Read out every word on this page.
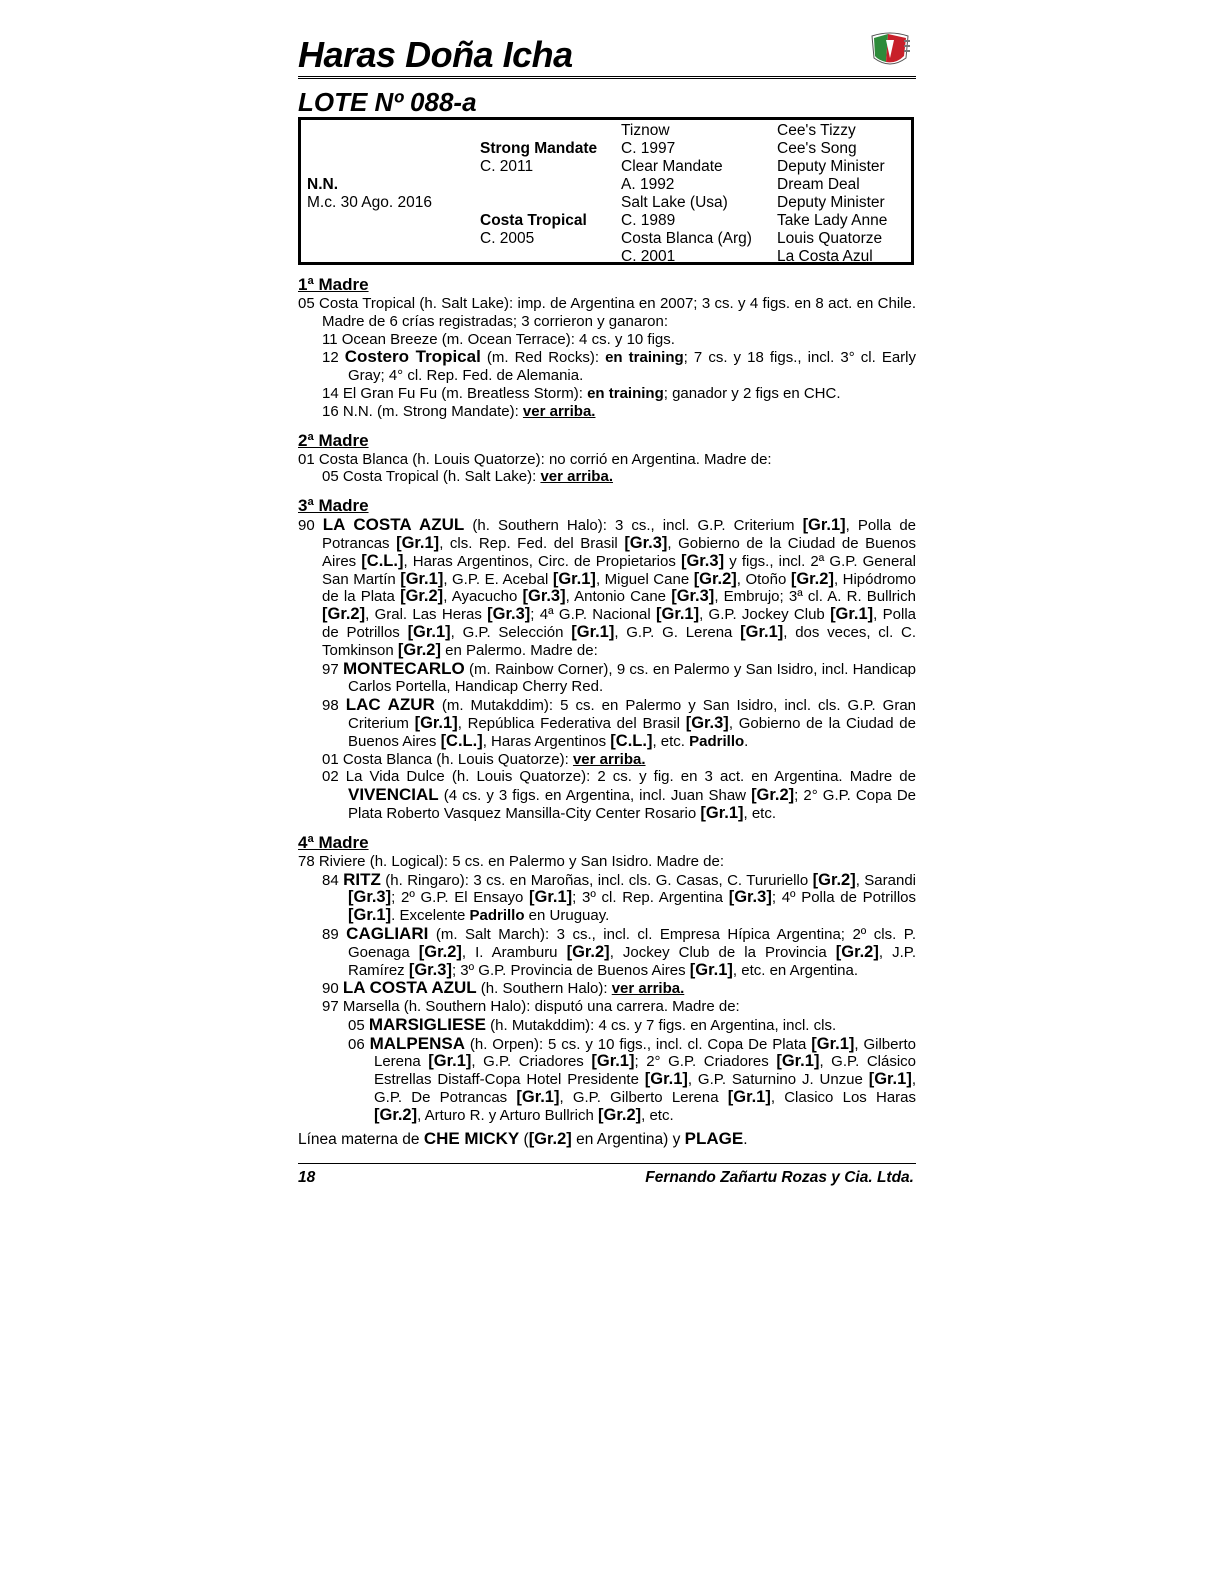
Haras Doña Icha
LOTE Nº 088-a
N.N.
M.c. 30 Ago. 2016
Strong Mandate
C. 2011
Costa Tropical
C. 2005
Tiznow
C. 1997
Clear Mandate
A. 1992
Salt Lake (Usa)
C. 1989
Costa Blanca (Arg)
C. 2001
Cee's Tizzy
Cee's Song
Deputy Minister
Dream Deal
Deputy Minister
Take Lady Anne
Louis Quatorze
La Costa Azul
1ª Madre

05 Costa Tropical (h. Salt Lake): imp. de Argentina en 2007; 3 cs. y 4 figs. en 8 act. en Chile. Madre de 6 crías registradas; 3 corrieron y ganaron:

11 Ocean Breeze (m. Ocean Terrace): 4 cs. y 10 figs.

12 Costero Tropical (m. Red Rocks): en training; 7 cs. y 18 figs., incl. 3° cl. Early Gray; 4° cl. Rep. Fed. de Alemania.

14 El Gran Fu Fu (m. Breatless Storm): en training; ganador y 2 figs en CHC.

16 N.N. (m. Strong Mandate): ver arriba.

2ª Madre

01 Costa Blanca (h. Louis Quatorze): no corrió en Argentina. Madre de:

05 Costa Tropical (h. Salt Lake): ver arriba.

3ª Madre

90 LA COSTA AZUL (h. Southern Halo): 3 cs., incl. G.P. Criterium [Gr.1], Polla de Potrancas [Gr.1], cls. Rep. Fed. del Brasil [Gr.3], Gobierno de la Ciudad de Buenos Aires [C.L.], Haras Argentinos, Circ. de Propietarios [Gr.3] y figs., incl. 2ª G.P. General San Martín [Gr.1], G.P. E. Acebal [Gr.1], Miguel Cane [Gr.2], Otoño [Gr.2], Hipódromo de la Plata [Gr.2], Ayacucho [Gr.3], Antonio Cane [Gr.3], Embrujo; 3ª cl. A. R. Bullrich [Gr.2], Gral. Las Heras [Gr.3]; 4ª G.P. Nacional [Gr.1], G.P. Jockey Club [Gr.1], Polla de Potrillos [Gr.1], G.P. Selección [Gr.1], G.P. G. Lerena [Gr.1], dos veces, cl. C. Tomkinson [Gr.2] en Palermo. Madre de:

97 MONTECARLO (m. Rainbow Corner), 9 cs. en Palermo y San Isidro, incl. Handicap Carlos Portella, Handicap Cherry Red.

98 LAC AZUR (m. Mutakddim): 5 cs. en Palermo y San Isidro, incl. cls. G.P. Gran Criterium [Gr.1], República Federativa del Brasil [Gr.3], Gobierno de la Ciudad de Buenos Aires [C.L.], Haras Argentinos [C.L.], etc. Padrillo.

01 Costa Blanca (h. Louis Quatorze): ver arriba.

02 La Vida Dulce (h. Louis Quatorze): 2 cs. y fig. en 3 act. en Argentina. Madre de VIVENCIAL (4 cs. y 3 figs. en Argentina, incl. Juan Shaw [Gr.2]; 2° G.P. Copa De Plata Roberto Vasquez Mansilla-City Center Rosario [Gr.1], etc.

4ª Madre

78 Riviere (h. Logical): 5 cs. en Palermo y San Isidro. Madre de:

84 RITZ (h. Ringaro): 3 cs. en Maroñas, incl. cls. G. Casas, C. Tururiello [Gr.2], Sarandi [Gr.3]; 2º G.P. El Ensayo [Gr.1]; 3º cl. Rep. Argentina [Gr.3]; 4º Polla de Potrillos [Gr.1]. Excelente Padrillo en Uruguay.

89 CAGLIARI (m. Salt March): 3 cs., incl. cl. Empresa Hípica Argentina; 2º cls. P. Goenaga [Gr.2], I. Aramburu [Gr.2], Jockey Club de la Provincia [Gr.2], J.P. Ramírez [Gr.3]; 3º G.P. Provincia de Buenos Aires [Gr.1], etc. en Argentina.

90 LA COSTA AZUL (h. Southern Halo): ver arriba.

97 Marsella (h. Southern Halo): disputó una carrera. Madre de:

05 MARSIGLIESE (h. Mutakddim): 4 cs. y 7 figs. en Argentina, incl. cls.

06 MALPENSA (h. Orpen): 5 cs. y 10 figs., incl. cl. Copa De Plata [Gr.1], Gilberto Lerena [Gr.1], G.P. Criadores [Gr.1]; 2° G.P. Criadores [Gr.1], G.P. Clásico Estrellas Distaff-Copa Hotel Presidente [Gr.1], G.P. Saturnino J. Unzue [Gr.1], G.P. De Potrancas [Gr.1], G.P. Gilberto Lerena [Gr.1], Clasico Los Haras [Gr.2], Arturo R. y Arturo Bullrich [Gr.2], etc.

Línea materna de CHE MICKY ([Gr.2] en Argentina) y PLAGE.

18	Fernando Zañartu Rozas y Cia. Ltda.
